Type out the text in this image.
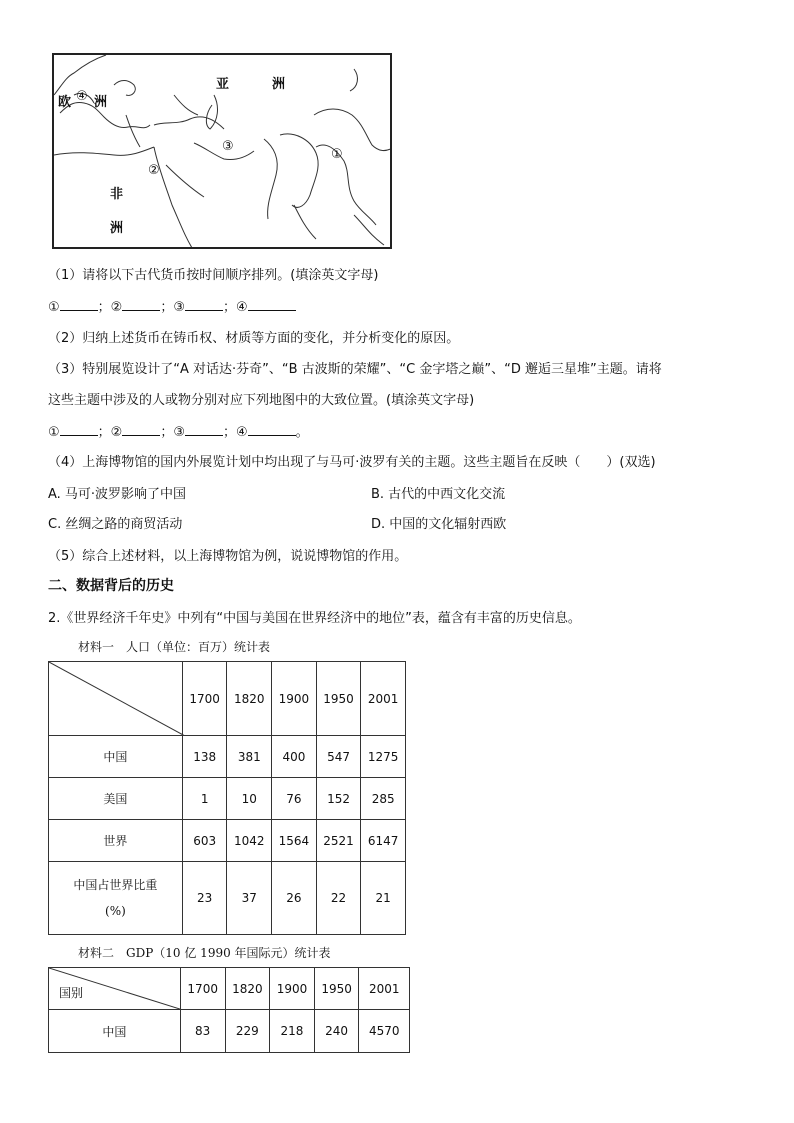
亚	洲
欧 ④ 洲
③
②
①
非
洲
（1）请将以下古代货币按时间顺序排列。(填涂英文字母)
①	；②	；③	；④
（2）归纳上述货币在铸币权、材质等方面的变化，并分析变化的原因。
（3）特别展览设计了“A 对话达·芬奇”、“B 古波斯的荣耀”、“C 金字塔之巅”、“D 邂逅三星堆”主题。请将
这些主题中涉及的人或物分别对应下列地图中的大致位置。(填涂英文字母)
①	；②	；③	；④	。
（4）上海博物馆的国内外展览计划中均出现了与马可·波罗有关的主题。这些主题旨在反映（　　）(双选)
A. 马可·波罗影响了中国	B. 古代的中西文化交流
C. 丝绸之路的商贸活动	D. 中国的文化辐射西欧
（5）综合上述材料，以上海博物馆为例，说说博物馆的作用。
二、数据背后的历史
2.《世界经济千年史》中列有“中国与美国在世界经济中的地位”表，蕴含有丰富的历史信息。
材料一　人口（单位：百万）统计表
	1700	1820	1900	1950	2001
中国	138	381	400	547	1275
美国	1	10	76	152	285
世界	603	1042	1564	2521	6147

中国占世界比重
(%)	23	37	26	22	21
材料二　GDP（10 亿 1990 年国际元）统计表
国别	1700	1820	1900	1950	2001
中国	83	229	218	240	4570
